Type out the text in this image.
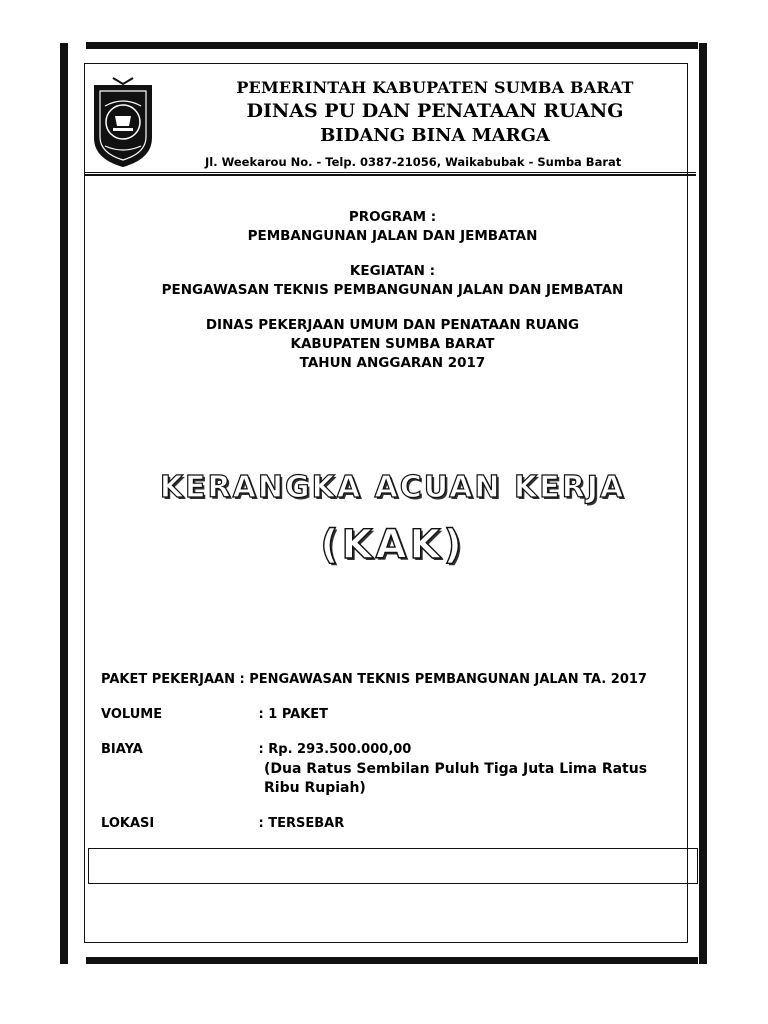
PEMERINTAH KABUPATEN SUMBA BARAT
DINAS PU DAN PENATAAN RUANG
BIDANG BINA MARGA
Jl. Weekarou No. - Telp. 0387-21056, Waikabubak - Sumba Barat
PROGRAM :
PEMBANGUNAN JALAN DAN JEMBATAN
KEGIATAN :
PENGAWASAN TEKNIS PEMBANGUNAN JALAN DAN JEMBATAN
DINAS PEKERJAAN UMUM DAN PENATAAN RUANG
KABUPATEN SUMBA BARAT
TAHUN ANGGARAN 2017
KERANGKA ACUAN KERJA
(KAK)
PAKET PEKERJAAN : PENGAWASAN TEKNIS PEMBANGUNAN JALAN TA. 2017
VOLUME	: 1 PAKET
BIAYA	: Rp. 293.500.000,00
(Dua Ratus Sembilan Puluh Tiga Juta Lima Ratus Ribu Rupiah)
LOKASI	: TERSEBAR
